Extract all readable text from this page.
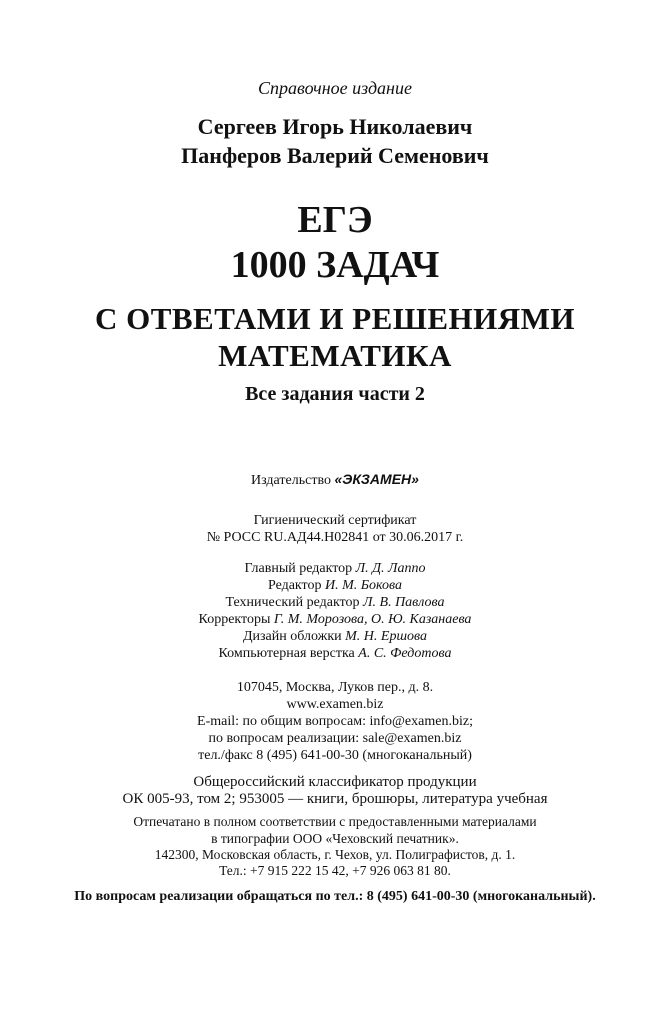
Справочное издание
Сергеев Игорь Николаевич
Панферов Валерий Семенович
ЕГЭ
1000 ЗАДАЧ
С ОТВЕТАМИ И РЕШЕНИЯМИ
МАТЕМАТИКА
Все задания части 2
Издательство «ЭКЗАМЕН»
Гигиенический сертификат
№ РОСС RU.АД44.Н02841 от 30.06.2017 г.
Главный редактор Л. Д. Лаппо
Редактор И. М. Бокова
Технический редактор Л. В. Павлова
Корректоры Г. М. Морозова, О. Ю. Казанаева
Дизайн обложки М. Н. Ершова
Компьютерная верстка А. С. Федотова
107045, Москва, Луков пер., д. 8.
www.examen.biz
E-mail: по общим вопросам: info@examen.biz;
по вопросам реализации: sale@examen.biz
тел./факс 8 (495) 641-00-30 (многоканальный)
Общероссийский классификатор продукции
ОК 005-93, том 2; 953005 — книги, брошюры, литература учебная
Отпечатано в полном соответствии с предоставленными материалами
в типографии ООО «Чеховский печатник».
142300, Московская область, г. Чехов, ул. Полиграфистов, д. 1.
Тел.: +7 915 222 15 42, +7 926 063 81 80.
По вопросам реализации обращаться по тел.: 8 (495) 641-00-30 (многоканальный).
